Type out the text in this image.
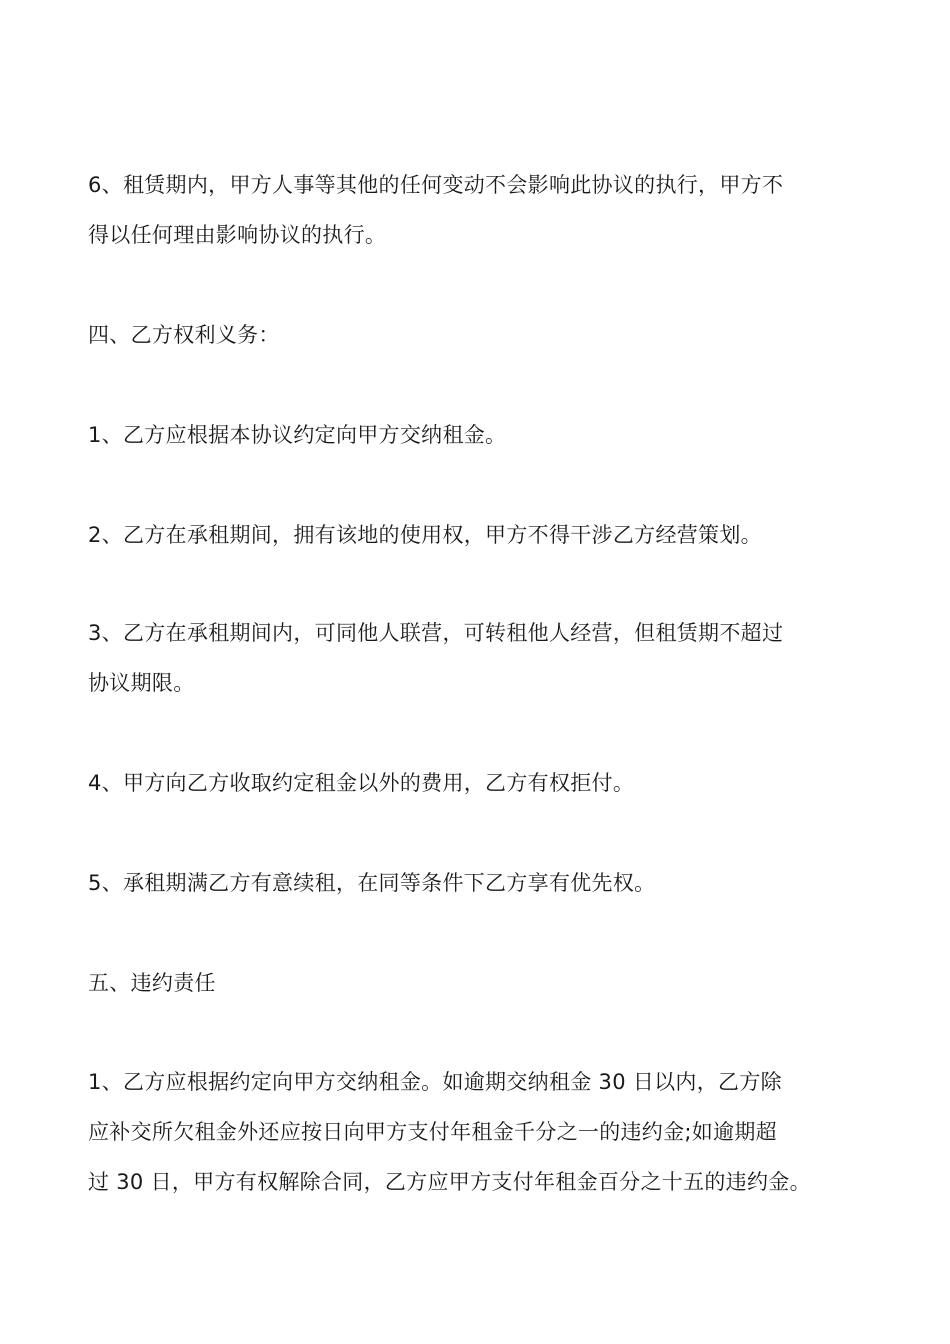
6、租赁期内，甲方人事等其他的任何变动不会影响此协议的执行，甲方不
得以任何理由影响协议的执行。

四、乙方权利义务：

1、乙方应根据本协议约定向甲方交纳租金。

2、乙方在承租期间，拥有该地的使用权，甲方不得干涉乙方经营策划。

3、乙方在承租期间内，可同他人联营，可转租他人经营，但租赁期不超过
协议期限。

4、甲方向乙方收取约定租金以外的费用，乙方有权拒付。

5、承租期满乙方有意续租，在同等条件下乙方享有优先权。

五、违约责任

1、乙方应根据约定向甲方交纳租金。如逾期交纳租金 30 日以内，乙方除
应补交所欠租金外还应按日向甲方支付年租金千分之一的违约金;如逾期超
过 30 日，甲方有权解除合同，乙方应甲方支付年租金百分之十五的违约金。
